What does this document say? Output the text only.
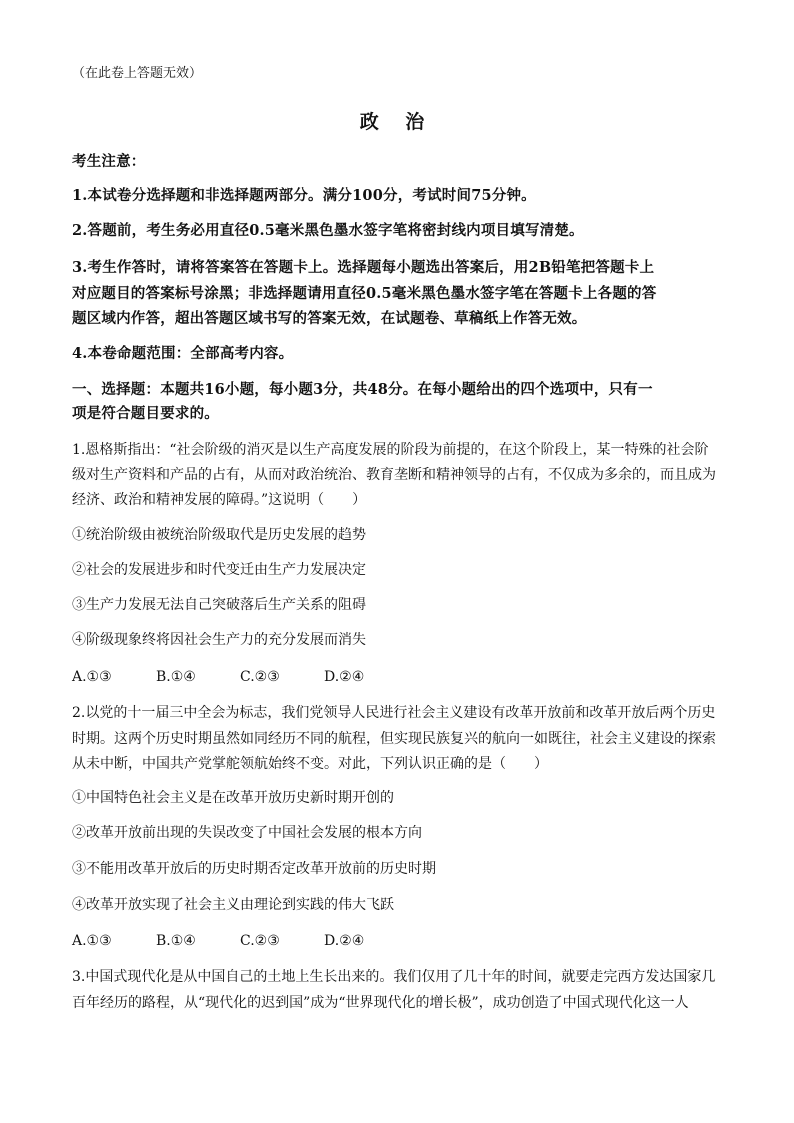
（在此卷上答题无效）
政 治
考生注意：
1.本试卷分选择题和非选择题两部分。满分100分，考试时间75分钟。
2.答题前，考生务必用直径0.5毫米黑色墨水签字笔将密封线内项目填写清楚。
3.考生作答时，请将答案答在答题卡上。选择题每小题选出答案后，用2B铅笔把答题卡上
对应题目的答案标号涂黑；非选择题请用直径0.5毫米黑色墨水签字笔在答题卡上各题的答
题区域内作答，超出答题区域书写的答案无效，在试题卷、草稿纸上作答无效。
4.本卷命题范围：全部高考内容。
一、选择题：本题共16小题，每小题3分，共48分。在每小题给出的四个选项中，只有一
项是符合题目要求的。
1.恩格斯指出：“社会阶级的消灭是以生产高度发展的阶段为前提的，在这个阶段上，某一特殊的社会阶
级对生产资料和产品的占有，从而对政治统治、教育垄断和精神领导的占有，不仅成为多余的，而且成为
经济、政治和精神发展的障碍。”这说明（　　）
①统治阶级由被统治阶级取代是历史发展的趋势
②社会的发展进步和时代变迁由生产力发展决定
③生产力发展无法自己突破落后生产关系的阻碍
④阶级现象终将因社会生产力的充分发展而消失
A.①③	B.①④	C.②③	D.②④
2.以党的十一届三中全会为标志，我们党领导人民进行社会主义建设有改革开放前和改革开放后两个历史
时期。这两个历史时期虽然如同经历不同的航程，但实现民族复兴的航向一如既往，社会主义建设的探索
从未中断，中国共产党掌舵领航始终不变。对此，下列认识正确的是（　　）
①中国特色社会主义是在改革开放历史新时期开创的
②改革开放前出现的失误改变了中国社会发展的根本方向
③不能用改革开放后的历史时期否定改革开放前的历史时期
④改革开放实现了社会主义由理论到实践的伟大飞跃
A.①③	B.①④	C.②③	D.②④
3.中国式现代化是从中国自己的土地上生长出来的。我们仅用了几十年的时间，就要走完西方发达国家几
百年经历的路程，从“现代化的迟到国”成为“世界现代化的增长极”，成功创造了中国式现代化这一人
